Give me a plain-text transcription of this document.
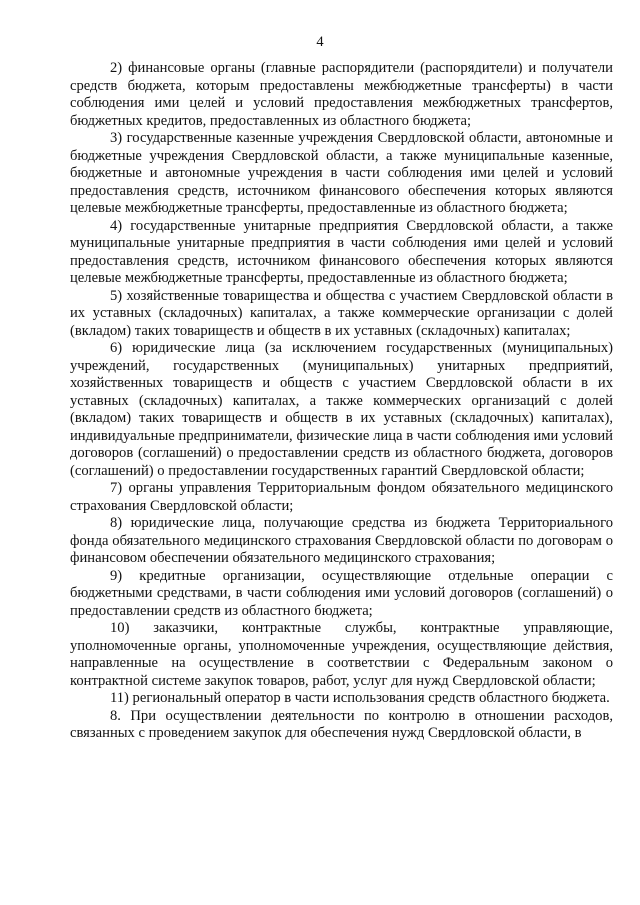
4

2) финансовые органы (главные распорядители (распорядители) и получатели средств бюджета, которым предоставлены межбюджетные трансферты) в части соблюдения ими целей и условий предоставления межбюджетных трансфертов, бюджетных кредитов, предоставленных из областного бюджета;

3) государственные казенные учреждения Свердловской области, автономные и бюджетные учреждения Свердловской области, а также муниципальные казенные, бюджетные и автономные учреждения в части соблюдения ими целей и условий предоставления средств, источником финансового обеспечения которых являются целевые межбюджетные трансферты, предоставленные из областного бюджета;

4) государственные унитарные предприятия Свердловской области, а также муниципальные унитарные предприятия в части соблюдения ими целей и условий предоставления средств, источником финансового обеспечения которых являются целевые межбюджетные трансферты, предоставленные из областного бюджета;

5) хозяйственные товарищества и общества с участием Свердловской области в их уставных (складочных) капиталах, а также коммерческие организации с долей (вкладом) таких товариществ и обществ в их уставных (складочных) капиталах;

6) юридические лица (за исключением государственных (муниципальных) учреждений, государственных (муниципальных) унитарных предприятий, хозяйственных товариществ и обществ с участием Свердловской области в их уставных (складочных) капиталах, а также коммерческих организаций с долей (вкладом) таких товариществ и обществ в их уставных (складочных) капиталах), индивидуальные предприниматели, физические лица в части соблюдения ими условий договоров (соглашений) о предоставлении средств из областного бюджета, договоров (соглашений) о предоставлении государственных гарантий Свердловской области;

7) органы управления Территориальным фондом обязательного медицинского страхования Свердловской области;

8) юридические лица, получающие средства из бюджета Территориального фонда обязательного медицинского страхования Свердловской области по договорам о финансовом обеспечении обязательного медицинского страхования;

9) кредитные организации, осуществляющие отдельные операции с бюджетными средствами, в части соблюдения ими условий договоров (соглашений) о предоставлении средств из областного бюджета;

10) заказчики, контрактные службы, контрактные управляющие, уполномоченные органы, уполномоченные учреждения, осуществляющие действия, направленные на осуществление в соответствии с Федеральным законом о контрактной системе закупок товаров, работ, услуг для нужд Свердловской области;

11) региональный оператор в части использования средств областного бюджета.

8. При осуществлении деятельности по контролю в отношении расходов, связанных с проведением закупок для обеспечения нужд Свердловской области, в
